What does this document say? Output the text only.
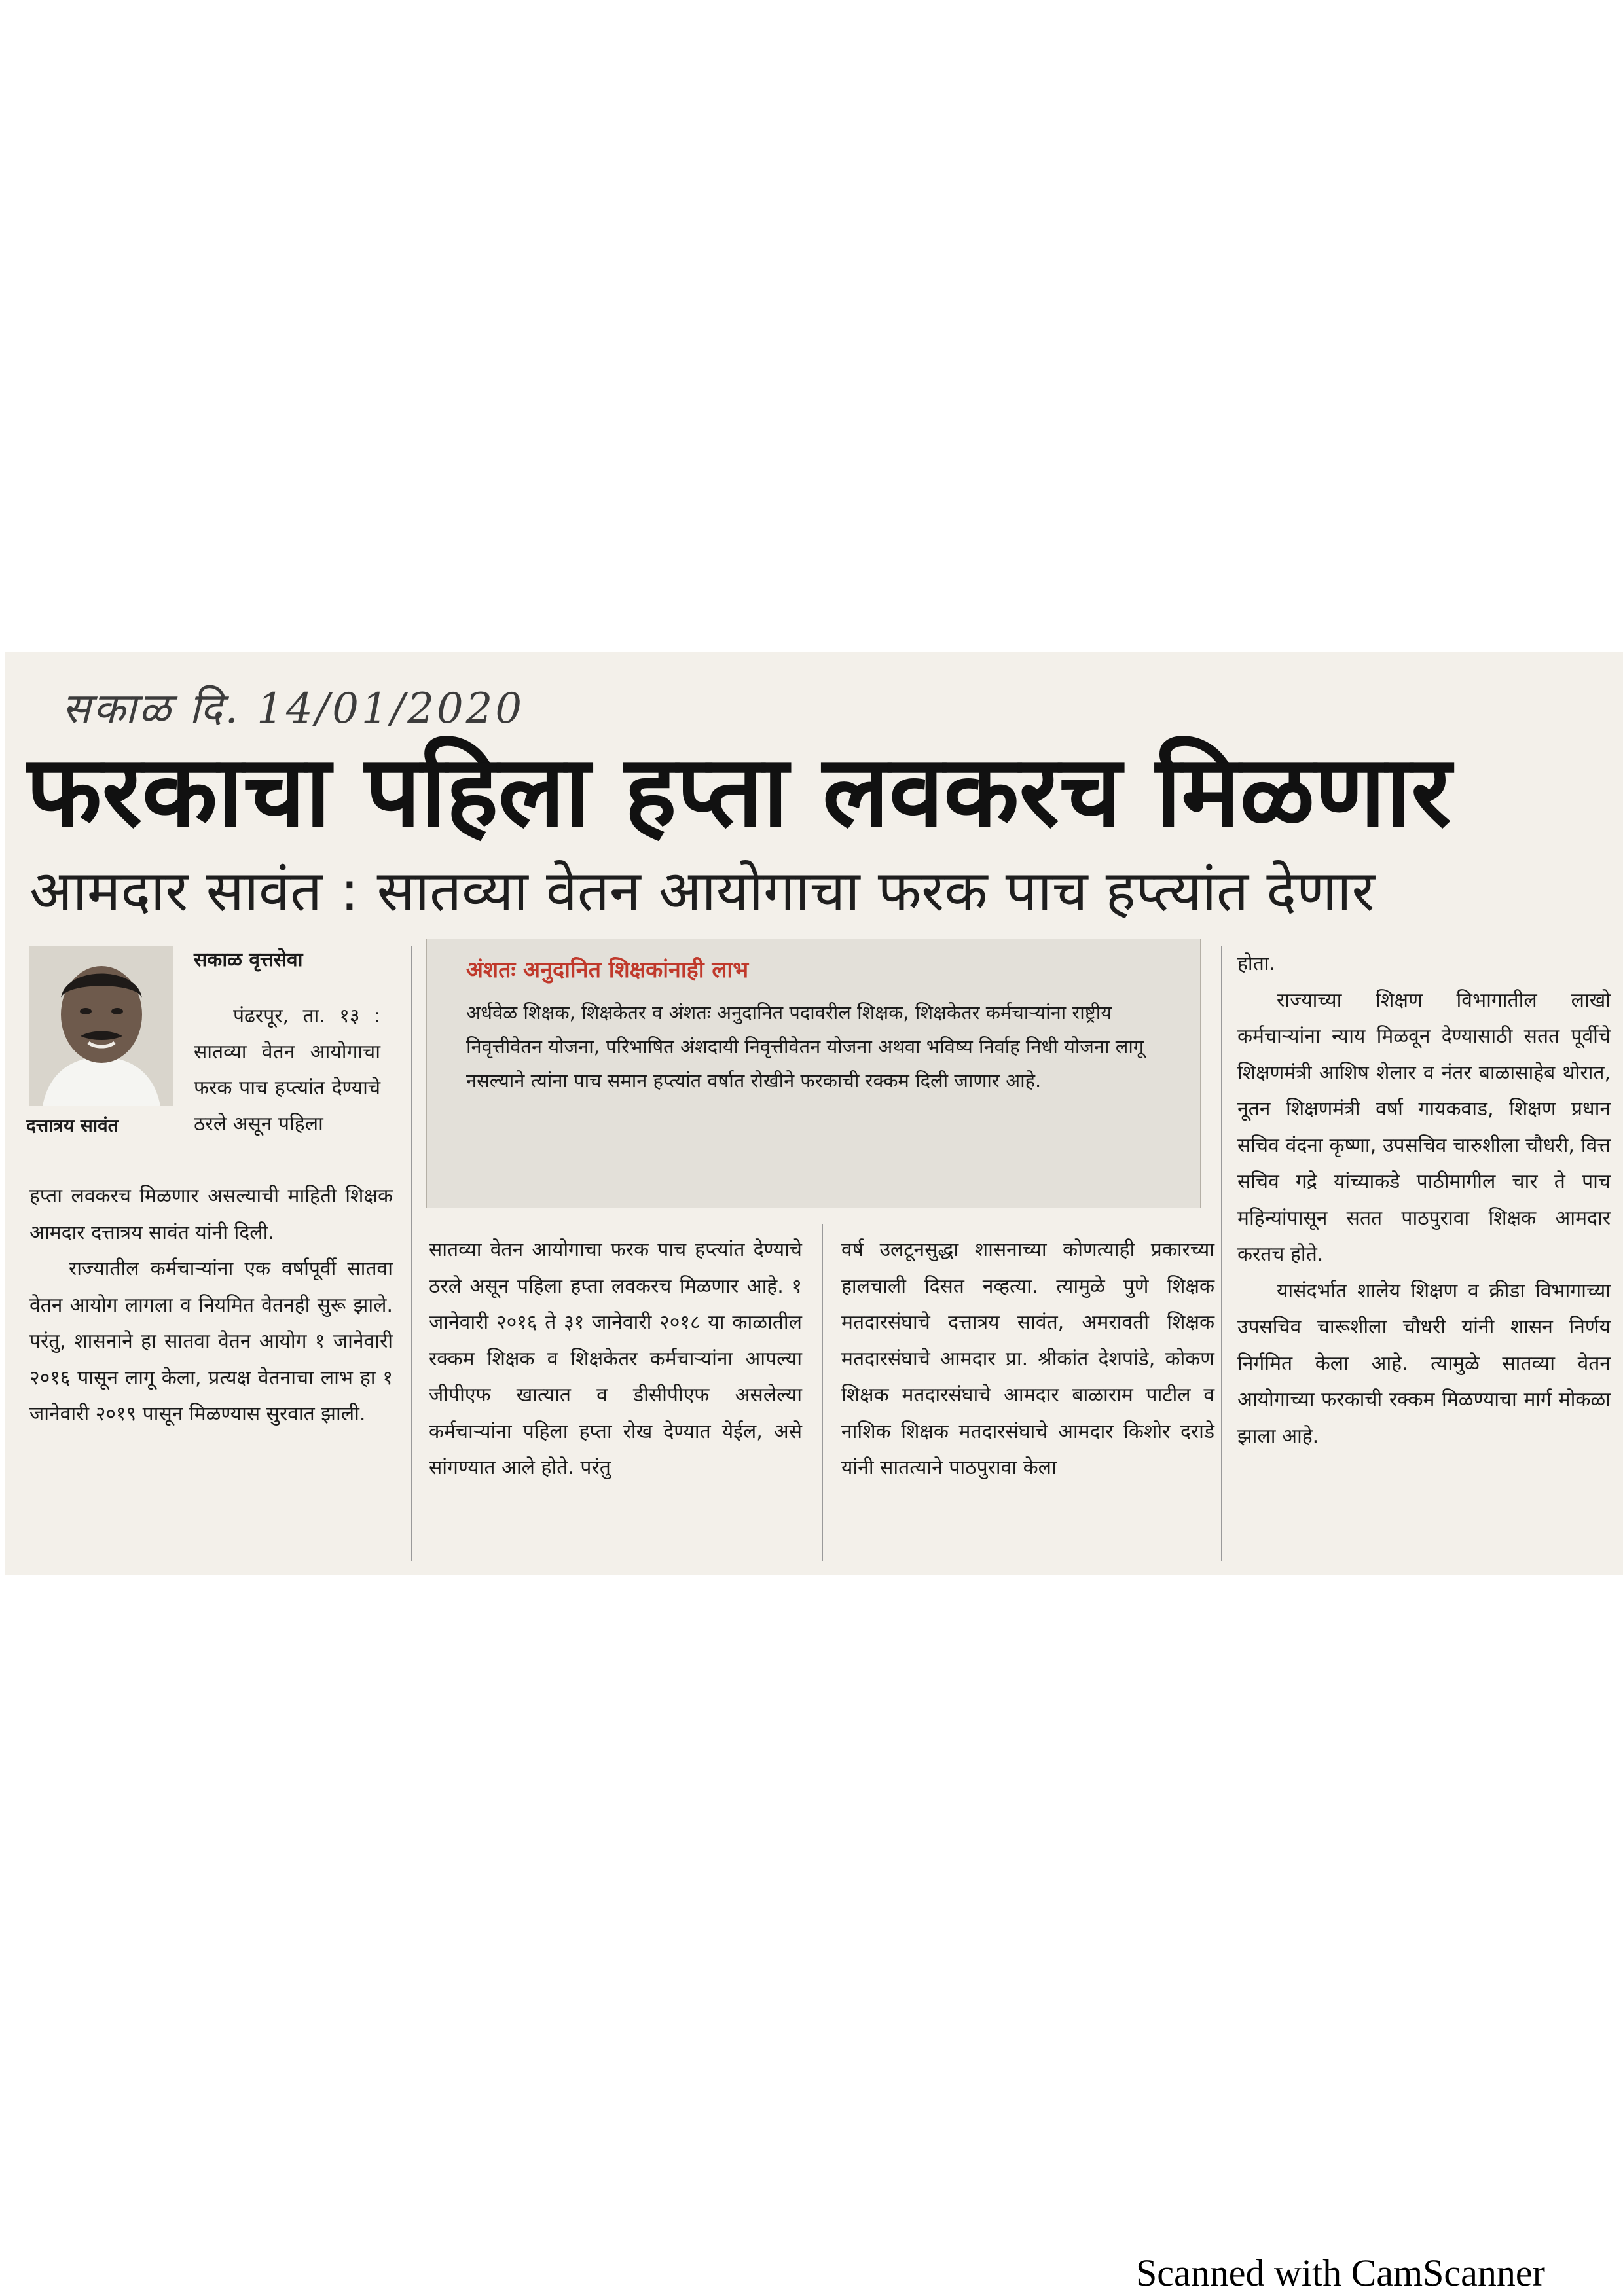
सकाळ दि. 14/01/2020
फरकाचा पहिला हप्ता लवकरच मिळणार
आमदार सावंत : सातव्या वेतन आयोगाचा फरक पाच हप्त्यांत देणार
दत्तात्रय सावंत
सकाळ वृत्तसेवा
पंढरपूर, ता. १३ : सातव्या वेतन आयोगाचा फरक पाच हप्त्यांत देण्याचे ठरले असून पहिला

हप्ता लवकरच मिळणार असल्याची माहिती शिक्षक आमदार दत्तात्रय सावंत यांनी दिली.

राज्यातील कर्मचाऱ्यांना एक वर्षापूर्वी सातवा वेतन आयोग लागला व नियमित वेतनही सुरू झाले. परंतु, शासनाने हा सातवा वेतन आयोग १ जानेवारी २०१६ पासून लागू केला, प्रत्यक्ष वेतनाचा लाभ हा १ जानेवारी २०१९ पासून मिळण्यास सुरवात झाली.

अंशतः अनुदानित शिक्षकांनाही लाभ
अर्धवेळ शिक्षक, शिक्षकेतर व अंशतः अनुदानित पदावरील शिक्षक, शिक्षकेतर कर्मचाऱ्यांना राष्ट्रीय निवृत्तीवेतन योजना, परिभाषित अंशदायी निवृत्तीवेतन योजना अथवा भविष्य निर्वाह निधी योजना लागू नसल्याने त्यांना पाच समान हप्त्यांत वर्षात रोखीने फरकाची रक्कम दिली जाणार आहे.

सातव्या वेतन आयोगाचा फरक पाच हप्त्यांत देण्याचे ठरले असून पहिला हप्ता लवकरच मिळणार आहे. १ जानेवारी २०१६ ते ३१ जानेवारी २०१८ या काळातील रक्कम शिक्षक व शिक्षकेतर कर्मचाऱ्यांना आपल्या जीपीएफ खात्यात व डीसीपीएफ असलेल्या कर्मचाऱ्यांना पहिला हप्ता रोख देण्यात येईल, असे सांगण्यात आले होते. परंतु

वर्ष उलटूनसुद्धा शासनाच्या कोणत्याही प्रकारच्या हालचाली दिसत नव्हत्या. त्यामुळे पुणे शिक्षक मतदारसंघाचे दत्तात्रय सावंत, अमरावती शिक्षक मतदारसंघाचे आमदार प्रा. श्रीकांत देशपांडे, कोकण शिक्षक मतदारसंघाचे आमदार बाळाराम पाटील व नाशिक शिक्षक मतदारसंघाचे आमदार किशोर दराडे यांनी सातत्याने पाठपुरावा केला

होता.

राज्याच्या शिक्षण विभागातील लाखो कर्मचाऱ्यांना न्याय मिळवून देण्यासाठी सतत पूर्वीचे शिक्षणमंत्री आशिष शेलार व नंतर बाळासाहेब थोरात, नूतन शिक्षणमंत्री वर्षा गायकवाड, शिक्षण प्रधान सचिव वंदना कृष्णा, उपसचिव चारुशीला चौधरी, वित्त सचिव गद्रे यांच्याकडे पाठीमागील चार ते पाच महिन्यांपासून सतत पाठपुरावा शिक्षक आमदार करतच होते.

यासंदर्भात शालेय शिक्षण व क्रीडा विभागाच्या उपसचिव चारूशीला चौधरी यांनी शासन निर्णय निर्गमित केला आहे. त्यामुळे सातव्या वेतन आयोगाच्या फरकाची रक्कम मिळण्याचा मार्ग मोकळा झाला आहे.

Scanned with CamScanner
